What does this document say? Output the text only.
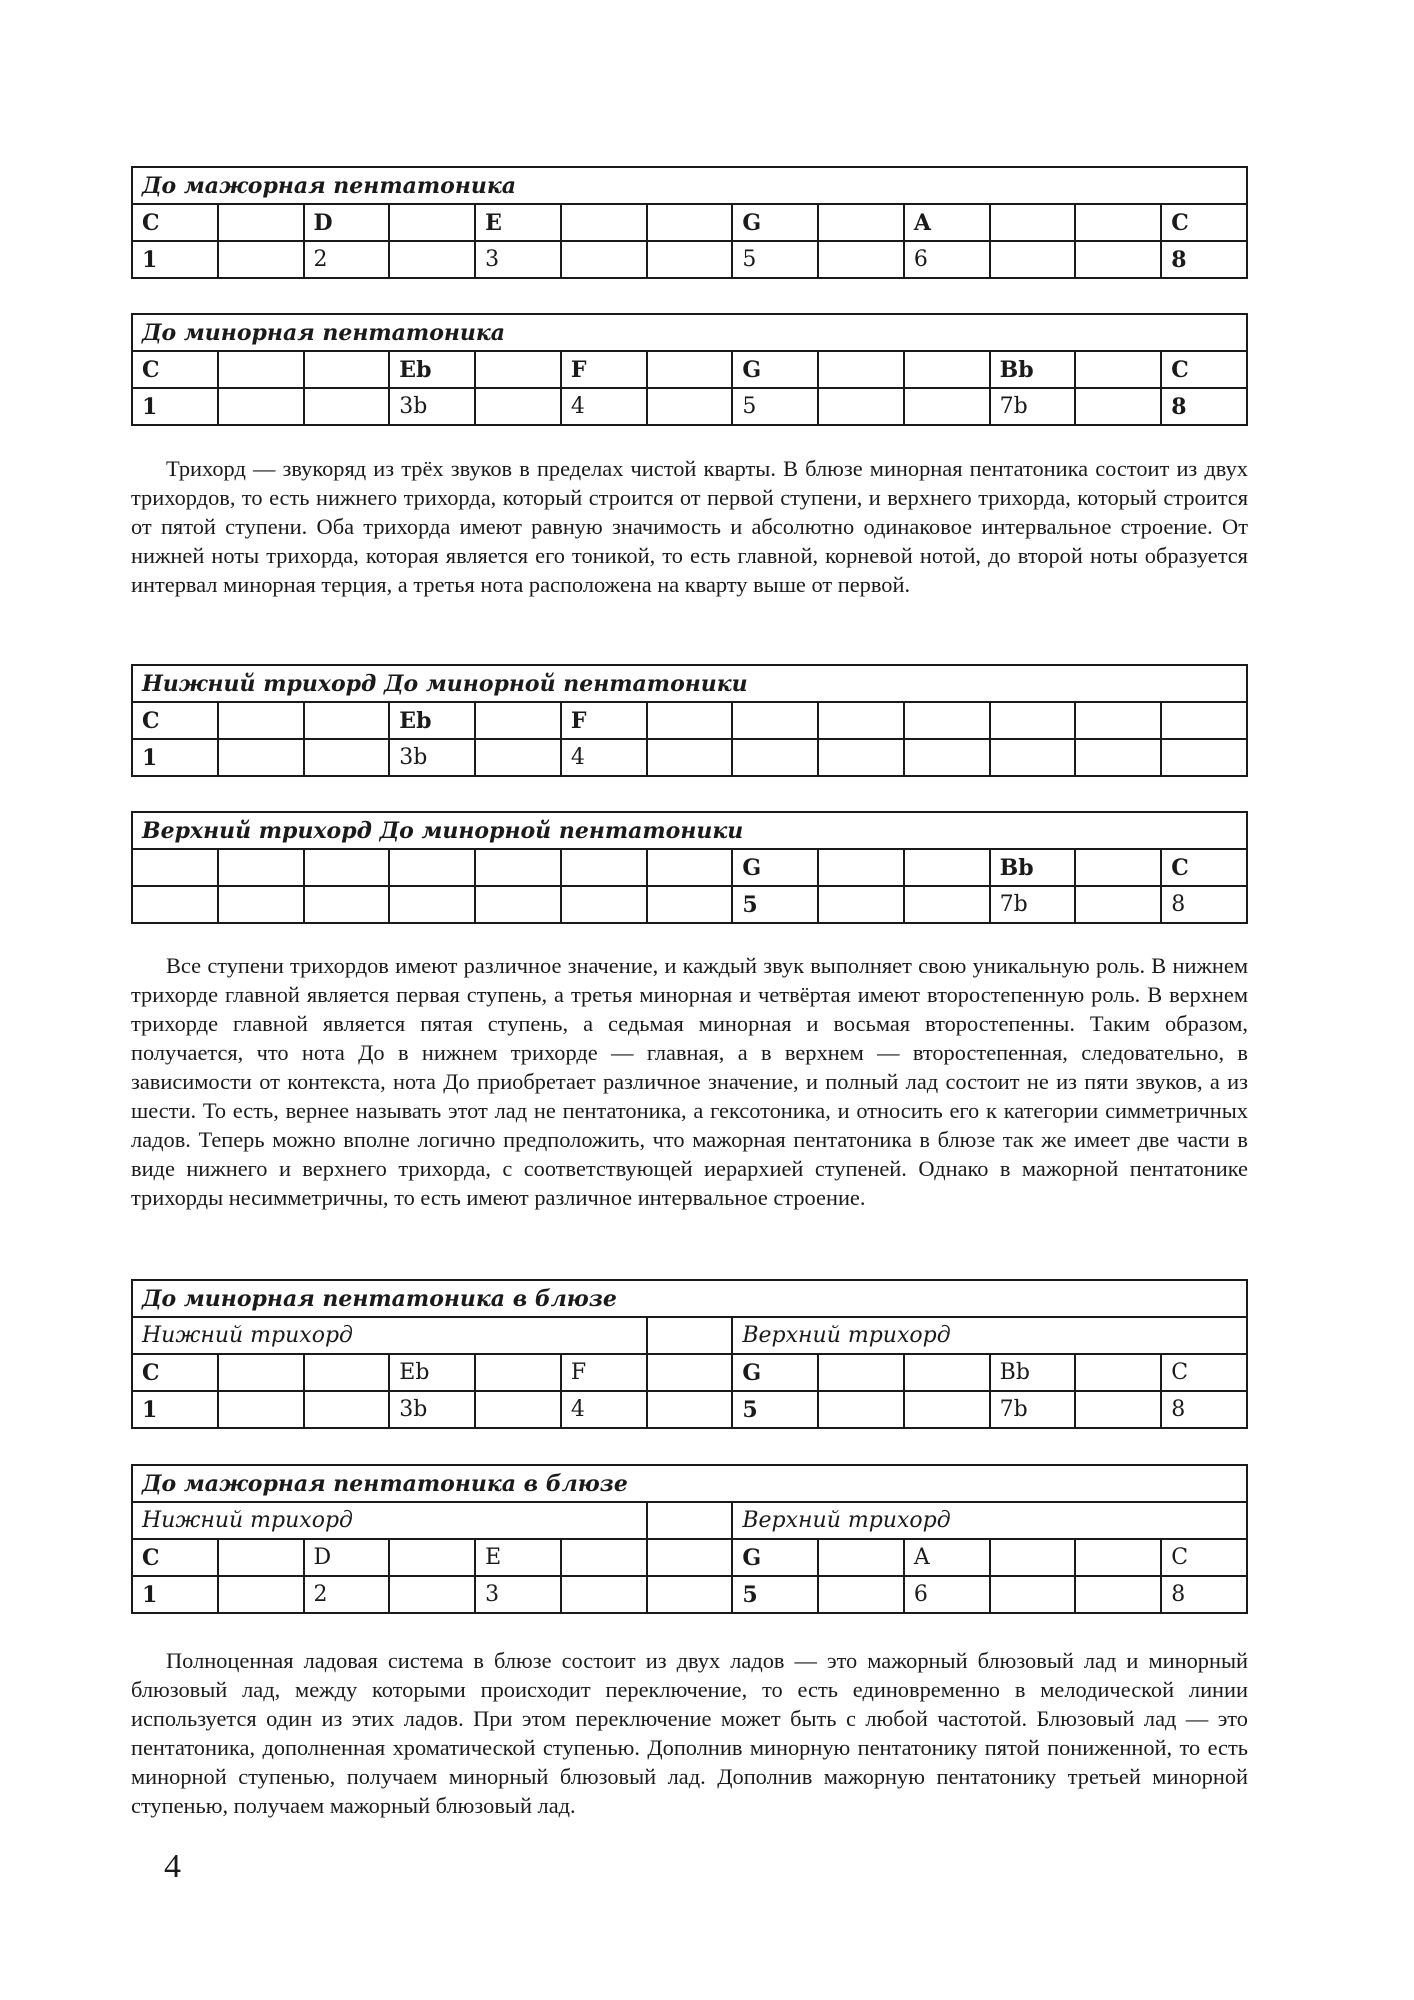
До мажорная пентатоника												
C		D		E			G		A			C
1		2		3			5		6			8
До минорная пентатоника												
C			Eb		F		G			Bb		C
1			3b		4		5			7b		8

Трихорд — звукоряд из трёх звуков в пределах чистой кварты. В блюзе минорная пентатоника состоит из двух трихордов, то есть нижнего трихорда, который строится от первой ступени, и верхнего трихорда, который строится от пятой ступени. Оба трихорда имеют равную значимость и абсолютно одинаковое интервальное строение. От нижней ноты трихорда, которая является его тоникой, то есть главной, корневой нотой, до второй ноты образуется интервал минорная терция, а третья нота расположена на кварту выше от первой.

Нижний трихорд До минорной пентатоники												
C			Eb		F							
1			3b		4							
Верхний трихорд До минорной пентатоники												
							G			Bb		C
							5			7b		8

Все ступени трихордов имеют различное значение, и каждый звук выполняет свою уникальную роль. В нижнем трихорде главной является первая ступень, а третья минорная и четвёртая имеют второстепенную роль. В верхнем трихорде главной является пятая ступень, а седьмая минорная и восьмая второстепенны. Таким образом, получается, что нота До в нижнем трихорде — главная, а в верхнем — второстепенная, следовательно, в зависимости от контекста, нота До приобретает различное значение, и полный лад состоит не из пяти звуков, а из шести. То есть, вернее называть этот лад не пентатоника, а гексотоника, и относить его к категории симметричных ладов. Теперь можно вполне логично предположить, что мажорная пентатоника в блюзе так же имеет две части в виде нижнего и верхнего трихорда, с соответствующей иерархией ступеней. Однако в мажорной пентатонике трихорды несимметричны, то есть имеют различное интервальное строение.

До минорная пентатоника в блюзе												
Нижний трихорд							Верхний трихорд					
C			Eb		F		G			Bb		C
1			3b		4		5			7b		8
До мажорная пентатоника в блюзе												
Нижний трихорд							Верхний трихорд					
C		D		E			G		A			C
1		2		3			5		6			8

Полноценная ладовая система в блюзе состоит из двух ладов — это мажорный блюзовый лад и минорный блюзовый лад, между которыми происходит переключение, то есть единовременно в мелодической линии используется один из этих ладов. При этом переключение может быть с любой частотой. Блюзовый лад — это пентатоника, дополненная хроматической ступенью. Дополнив минорную пентатонику пятой пониженной, то есть минорной ступенью, получаем минорный блюзовый лад. Дополнив мажорную пентатонику третьей минорной ступенью, получаем мажорный блюзовый лад.

4
